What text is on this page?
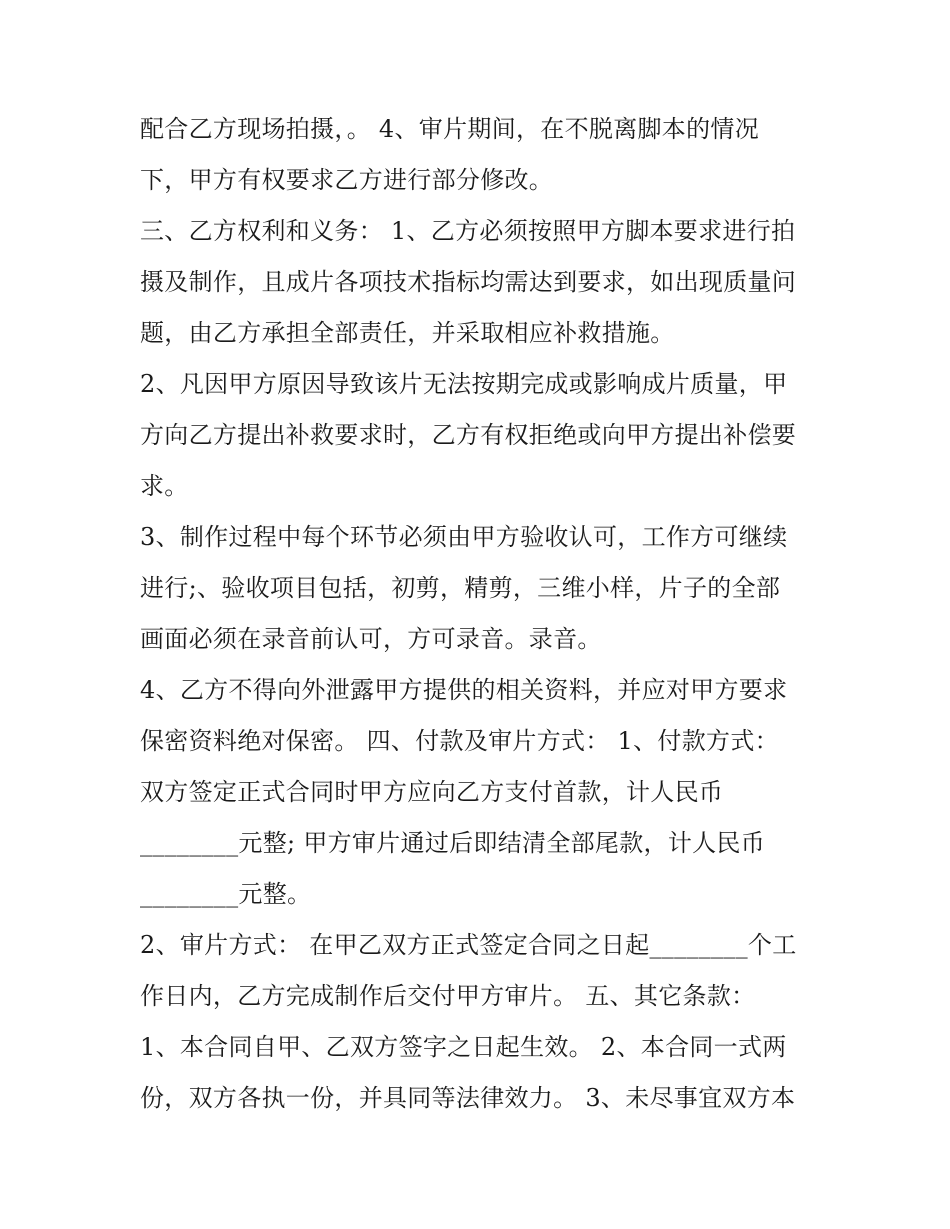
配合乙方现场拍摄，。 4、审片期间，在不脱离脚本的情况
下，甲方有权要求乙方进行部分修改。
三、乙方权利和义务： 1、乙方必须按照甲方脚本要求进行拍
摄及制作，且成片各项技术指标均需达到要求，如出现质量问
题，由乙方承担全部责任，并采取相应补救措施。
2、凡因甲方原因导致该片无法按期完成或影响成片质量，甲
方向乙方提出补救要求时，乙方有权拒绝或向甲方提出补偿要
求。
3、制作过程中每个环节必须由甲方验收认可，工作方可继续
进行;、验收项目包括，初剪，精剪，三维小样，片子的全部
画面必须在录音前认可，方可录音。录音。
4、乙方不得向外泄露甲方提供的相关资料，并应对甲方要求
保密资料绝对保密。 四、付款及审片方式： 1、付款方式：
双方签定正式合同时甲方应向乙方支付首款，计人民币
________元整; 甲方审片通过后即结清全部尾款，计人民币
________元整。
2、审片方式： 在甲乙双方正式签定合同之日起________个工
作日内，乙方完成制作后交付甲方审片。 五、其它条款：
1、本合同自甲、乙双方签字之日起生效。 2、本合同一式两
份，双方各执一份，并具同等法律效力。 3、未尽事宜双方本
